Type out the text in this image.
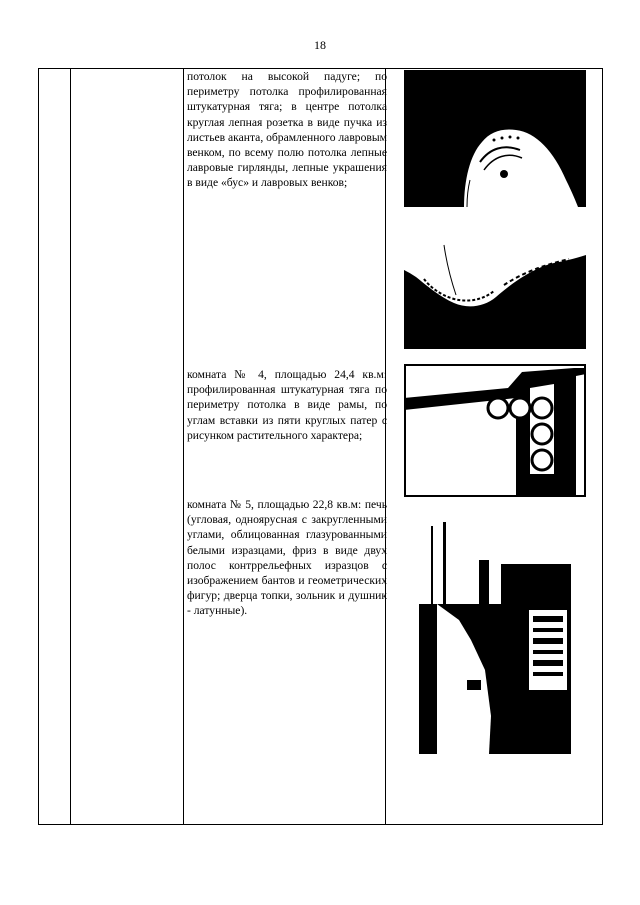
18
потолок на высокой падуге; по периметру потолка профилированная штукатурная тяга; в центре потолка круглая лепная розетка в виде пучка из листьев аканта, обрамленного лавровым венком, по всему полю потолка лепные лавровые гирлянды, лепные украшения в виде «бус» и лавровых венков;
комната № 4, площадью 24,4 кв.м: профилированная штукатурная тяга по периметру потолка в виде рамы, по углам вставки из пяти круглых патер с рисунком растительного характера;
комната № 5, площадью 22,8 кв.м: печь (угловая, одноярусная с закругленными углами, облицованная глазурованными белыми изразцами, фриз в виде двух полос контррельефных изразцов с изображением бантов и геометрических фигур; дверца топки, зольник и душник - латунные).
